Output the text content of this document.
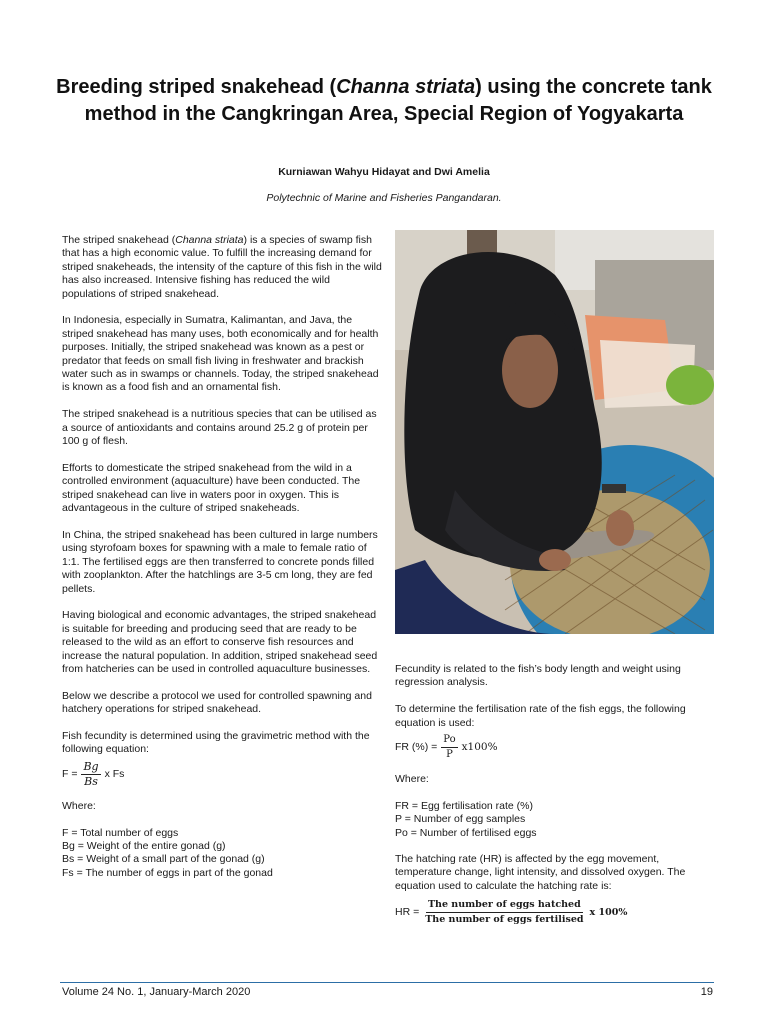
Breeding striped snakehead (Channa striata) using the concrete tank method in the Cangkringan Area, Special Region of Yogyakarta

Kurniawan Wahyu Hidayat and Dwi Amelia

Polytechnic of Marine and Fisheries Pangandaran.

The striped snakehead (Channa striata) is a species of swamp fish that has a high economic value. To fulfill the increasing demand for striped snakeheads, the intensity of the capture of this fish in the wild has also increased. Intensive fishing has reduced the wild populations of striped snakehead.

In Indonesia, especially in Sumatra, Kalimantan, and Java, the striped snakehead has many uses, both economically and for health purposes. Initially, the striped snakehead was known as a pest or predator that feeds on small fish living in freshwater and brackish water such as in swamps or channels. Today, the striped snakehead is known as a food fish and an ornamental fish.

The striped snakehead is a nutritious species that can be utilised as a source of antioxidants and contains around 25.2 g of protein per 100 g of flesh.

Efforts to domesticate the striped snakehead from the wild in a controlled environment (aquaculture) have been conducted. The striped snakehead can live in waters poor in oxygen. This is advantageous in the culture of striped snakeheads.

In China, the striped snakehead has been cultured in large numbers using styrofoam boxes for spawning with a male to female ratio of 1:1. The fertilised eggs are then transferred to concrete ponds filled with zooplankton. After the hatchlings are 3-5 cm long, they are fed pellets.

Having biological and economic advantages, the striped snakehead is suitable for breeding and producing seed that are ready to be released to the wild as an effort to conserve fish resources and increase the natural population. In addition, striped snakehead seed from hatcheries can be used in controlled aquaculture businesses.

Below we describe a protocol we used for controlled spawning and hatchery operations for striped snakehead.

Fish fecundity is determined using the gravimetric method with the following equation:

$F = \frac{Bg}{Bs}$ x Fs

Where:

F = Total number of eggs
Bg = Weight of the entire gonad (g)
Bs = Weight of a small part of the gonad (g)
Fs = The number of eggs in part of the gonad

Fecundity is related to the fish’s body length and weight using regression analysis.

To determine the fertilisation rate of the fish eggs, the following equation is used:

FR (%) = $\frac{Po}{P} x100\%$

Where:

FR = Egg fertilisation rate (%)
P = Number of egg samples
Po = Number of fertilised eggs

The hatching rate (HR) is affected by the egg movement, temperature change, light intensity, and dissolved oxygen. The equation used to calculate the hatching rate is:

HR = $\frac{\text{The number of eggs hatched}}{\text{The number of eggs fertilised}}$ x 100%
Volume 24 No. 1, January-March 2020	19
